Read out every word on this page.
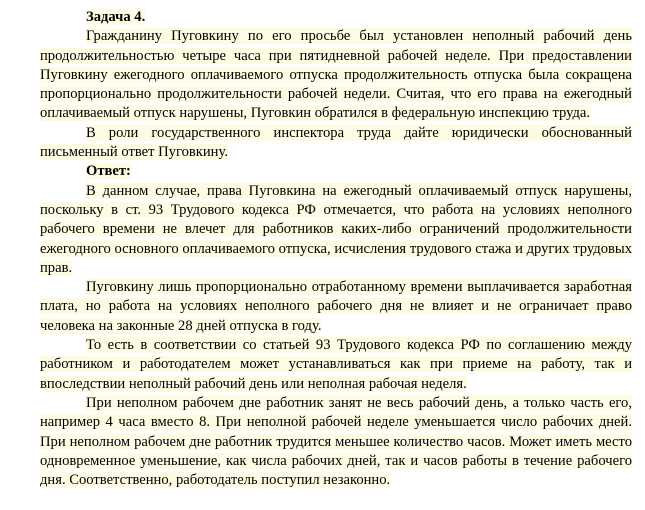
Задача 4.

Гражданину Пуговкину по его просьбе был установлен неполный рабочий день продолжительностью четыре часа при пятидневной рабочей неделе. При предоставлении Пуговкину ежегодного оплачиваемого отпуска продолжительность отпуска была сокращена пропорционально продолжительности рабочей недели. Считая, что его права на ежегодный оплачиваемый отпуск нарушены, Пуговкин обратился в федеральную инспекцию труда.

В роли государственного инспектора труда дайте юридически обоснованный письменный ответ Пуговкину.

Ответ:

В данном случае, права Пуговкина на ежегодный оплачиваемый отпуск нарушены, поскольку в ст. 93 Трудового кодекса РФ отмечается, что работа на условиях неполного рабочего времени не влечет для работников каких-либо ограничений продолжительности ежегодного основного оплачиваемого отпуска, исчисления трудового стажа и других трудовых прав.

Пуговкину лишь пропорционально отработанному времени выплачивается заработная плата, но работа на условиях неполного рабочего дня не влияет и не ограничает право человека на законные 28 дней отпуска в году.

То есть в соответствии со статьей 93 Трудового кодекса РФ по соглашению между работником и работодателем может устанавливаться как при приеме на работу, так и впоследствии неполный рабочий день или неполная рабочая неделя.

При неполном рабочем дне работник занят не весь рабочий день, а только часть его, например 4 часа вместо 8. При неполной рабочей неделе уменьшается число рабочих дней. При неполном рабочем дне работник трудится меньшее количество часов. Может иметь место одновременное уменьшение, как числа рабочих дней, так и часов работы в течение рабочего дня. Соответственно, работодатель поступил незаконно.
